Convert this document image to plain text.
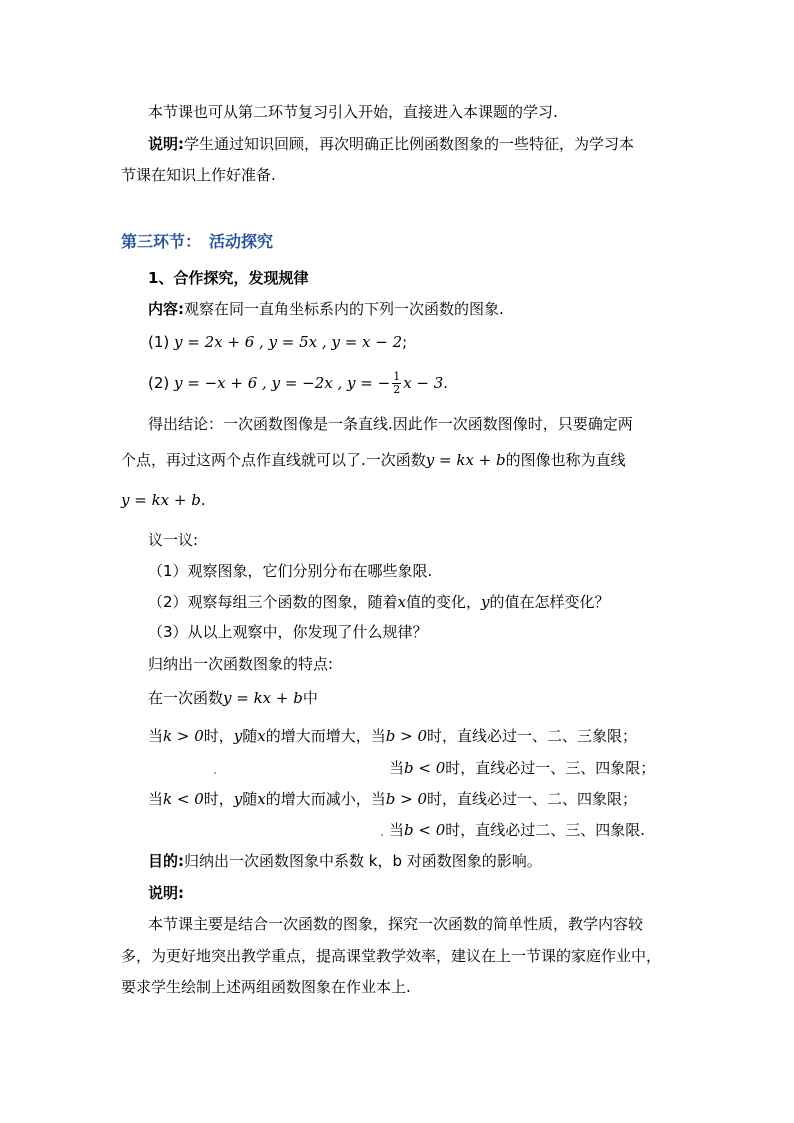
本节课也可从第二环节复习引入开始，直接进入本课题的学习.
说明:学生通过知识回顾，再次明确正比例函数图象的一些特征，为学习本
节课在知识上作好准备.
第三环节：　活动探究
1、合作探究，发现规律
内容:观察在同一直角坐标系内的下列一次函数的图象.
(1) y = 2x + 6 , y = 5x , y = x − 2;
(2) y = −x + 6 , y = −2x , y = − $\frac{1}{2}$ x − 3.
得出结论：一次函数图像是一条直线.因此作一次函数图像时，只要确定两
个点，再过这两个点作直线就可以了.一次函数y = kx + b的图像也称为直线
y = kx + b.
议一议:
（1）观察图象，它们分别分布在哪些象限.
（2）观察每组三个函数的图象，随着x值的变化，y的值在怎样变化？
（3）从以上观察中，你发现了什么规律？
归纳出一次函数图象的特点:
在一次函数y = kx + b中
当k > 0时，y随x的增大而增大，当b > 0时，直线必过一、二、三象限；
当b < 0时，直线必过一、三、四象限；
当k < 0时，y随x的增大而减小，当b > 0时，直线必过一、二、四象限；
当b < 0时，直线必过二、三、四象限.
目的:归纳出一次函数图象中系数 k，b 对函数图象的影响。
说明:
本节课主要是结合一次函数的图象，探究一次函数的简单性质，教学内容较
多，为更好地突出教学重点，提高课堂教学效率，建议在上一节课的家庭作业中，
要求学生绘制上述两组函数图象在作业本上.
